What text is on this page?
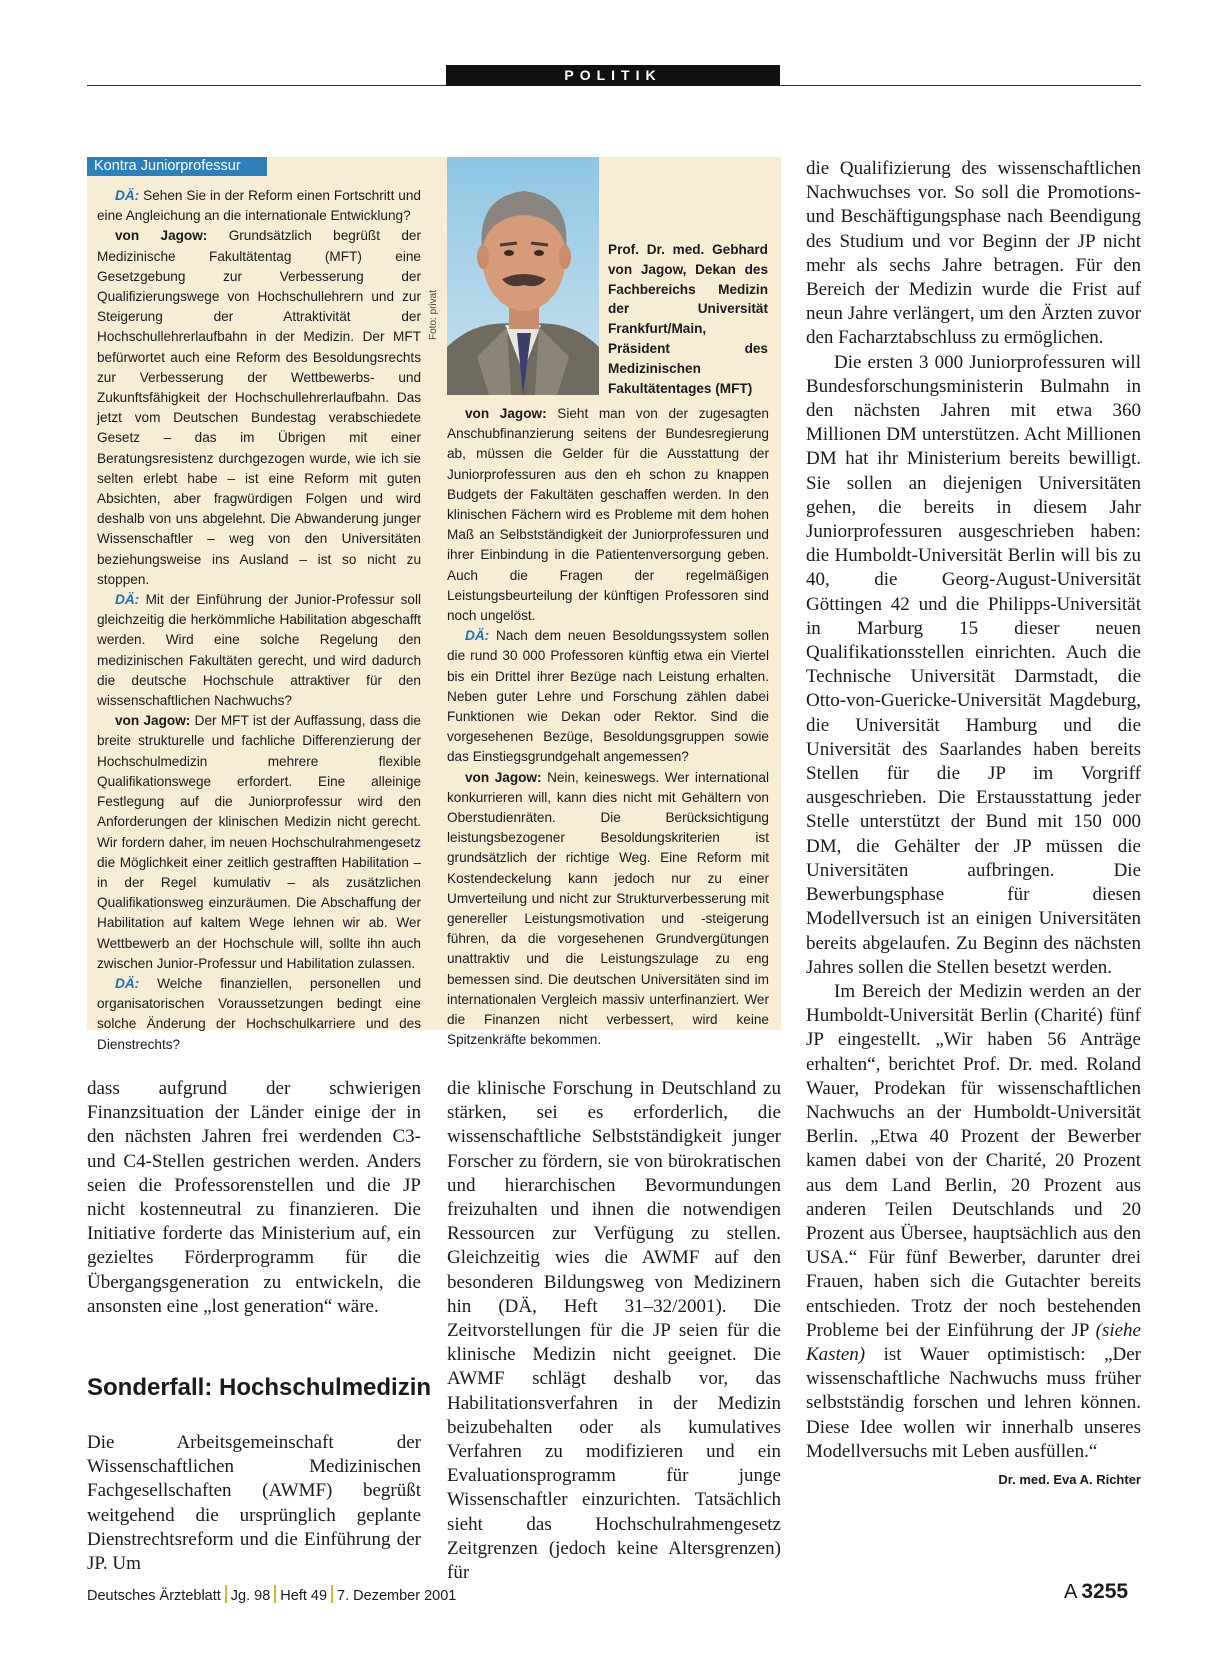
POLITIK
Kontra Juniorprofessur

DÄ: Sehen Sie in der Reform einen Fortschritt und eine Angleichung an die internationale Entwicklung?

von Jagow: Grundsätzlich begrüßt der Medizinische Fakultätentag (MFT) eine Gesetzgebung zur Verbesserung der Qualifizierungswege von Hochschullehrern und zur Steigerung der Attraktivität der Hochschullehrerlaufbahn in der Medizin. Der MFT befürwortet auch eine Reform des Besoldungsrechts zur Verbesserung der Wettbewerbs- und Zukunftsfähigkeit der Hochschullehrerlaufbahn. Das jetzt vom Deutschen Bundestag verabschiedete Gesetz – das im Übrigen mit einer Beratungsresistenz durchgezogen wurde, wie ich sie selten erlebt habe – ist eine Reform mit guten Absichten, aber fragwürdigen Folgen und wird deshalb von uns abgelehnt. Die Abwanderung junger Wissenschaftler – weg von den Universitäten beziehungsweise ins Ausland – ist so nicht zu stoppen.

DÄ: Mit der Einführung der Junior-Professur soll gleichzeitig die herkömmliche Habilitation abgeschafft werden. Wird eine solche Regelung den medizinischen Fakultäten gerecht, und wird dadurch die deutsche Hochschule attraktiver für den wissenschaftlichen Nachwuchs?

von Jagow: Der MFT ist der Auffassung, dass die breite strukturelle und fachliche Differenzierung der Hochschulmedizin mehrere flexible Qualifikationswege erfordert. Eine alleinige Festlegung auf die Juniorprofessur wird den Anforderungen der klinischen Medizin nicht gerecht. Wir fordern daher, im neuen Hochschulrahmengesetz die Möglichkeit einer zeitlich gestrafften Habilitation – in der Regel kumulativ – als zusätzlichen Qualifikationsweg einzuräumen. Die Abschaffung der Habilitation auf kaltem Wege lehnen wir ab. Wer Wettbewerb an der Hochschule will, sollte ihn auch zwischen Junior-Professur und Habilitation zulassen.

DÄ: Welche finanziellen, personellen und organisatorischen Voraussetzungen bedingt eine solche Änderung der Hochschulkarriere und des Dienstrechts?

Foto: privat
Prof. Dr. med. Gebhard von Jagow, Dekan des Fachbereichs Medizin der Universität Frankfurt/Main, Präsident des Medizinischen Fakultätentages (MFT)

von Jagow: Sieht man von der zugesagten Anschubfinanzierung seitens der Bundesregierung ab, müssen die Gelder für die Ausstattung der Juniorprofessuren aus den eh schon zu knappen Budgets der Fakultäten geschaffen werden. In den klinischen Fächern wird es Probleme mit dem hohen Maß an Selbstständigkeit der Juniorprofessuren und ihrer Einbindung in die Patientenversorgung geben. Auch die Fragen der regelmäßigen Leistungsbeurteilung der künftigen Professoren sind noch ungelöst.

DÄ: Nach dem neuen Besoldungssystem sollen die rund 30 000 Professoren künftig etwa ein Viertel bis ein Drittel ihrer Bezüge nach Leistung erhalten. Neben guter Lehre und Forschung zählen dabei Funktionen wie Dekan oder Rektor. Sind die vorgesehenen Bezüge, Besoldungsgruppen sowie das Einstiegsgrundgehalt angemessen?

von Jagow: Nein, keineswegs. Wer international konkurrieren will, kann dies nicht mit Gehältern von Oberstudienräten. Die Berücksichtigung leistungsbezogener Besoldungskriterien ist grundsätzlich der richtige Weg. Eine Reform mit Kostendeckelung kann jedoch nur zu einer Umverteilung und nicht zur Strukturverbesserung mit genereller Leistungsmotivation und -steigerung führen, da die vorgesehenen Grundvergütungen unattraktiv und die Leistungszulage zu eng bemessen sind. Die deutschen Universitäten sind im internationalen Vergleich massiv unterfinanziert. Wer die Finanzen nicht verbessert, wird keine Spitzenkräfte bekommen.

dass aufgrund der schwierigen Finanzsituation der Länder einige der in den nächsten Jahren frei werdenden C3- und C4-Stellen gestrichen werden. Anders seien die Professorenstellen und die JP nicht kostenneutral zu finanzieren. Die Initiative forderte das Ministerium auf, ein gezieltes Förderprogramm für die Übergangsgeneration zu entwickeln, die ansonsten eine „lost generation“ wäre.

Sonderfall: Hochschulmedizin

Die Arbeitsgemeinschaft der Wissenschaftlichen Medizinischen Fachgesellschaften (AWMF) begrüßt weitgehend die ursprünglich geplante Dienstrechtsreform und die Einführung der JP. Um

die klinische Forschung in Deutschland zu stärken, sei es erforderlich, die wissenschaftliche Selbstständigkeit junger Forscher zu fördern, sie von bürokratischen und hierarchischen Bevormundungen freizuhalten und ihnen die notwendigen Ressourcen zur Verfügung zu stellen. Gleichzeitig wies die AWMF auf den besonderen Bildungsweg von Medizinern hin (DÄ, Heft 31–32/2001). Die Zeitvorstellungen für die JP seien für die klinische Medizin nicht geeignet. Die AWMF schlägt deshalb vor, das Habilitationsverfahren in der Medizin beizubehalten oder als kumulatives Verfahren zu modifizieren und ein Evaluationsprogramm für junge Wissenschaftler einzurichten. Tatsächlich sieht das Hochschulrahmengesetz Zeitgrenzen (jedoch keine Altersgrenzen) für

die Qualifizierung des wissenschaftlichen Nachwuchses vor. So soll die Promotions- und Beschäftigungsphase nach Beendigung des Studium und vor Beginn der JP nicht mehr als sechs Jahre betragen. Für den Bereich der Medizin wurde die Frist auf neun Jahre verlängert, um den Ärzten zuvor den Facharztabschluss zu ermöglichen.

Die ersten 3 000 Juniorprofessuren will Bundesforschungsministerin Bulmahn in den nächsten Jahren mit etwa 360 Millionen DM unterstützen. Acht Millionen DM hat ihr Ministerium bereits bewilligt. Sie sollen an diejenigen Universitäten gehen, die bereits in diesem Jahr Juniorprofessuren ausgeschrieben haben: die Humboldt-Universität Berlin will bis zu 40, die Georg-August-Universität Göttingen 42 und die Philipps-Universität in Marburg 15 dieser neuen Qualifikationsstellen einrichten. Auch die Technische Universität Darmstadt, die Otto-von-Guericke-Universität Magdeburg, die Universität Hamburg und die Universität des Saarlandes haben bereits Stellen für die JP im Vorgriff ausgeschrieben. Die Erstausstattung jeder Stelle unterstützt der Bund mit 150 000 DM, die Gehälter der JP müssen die Universitäten aufbringen. Die Bewerbungsphase für diesen Modellversuch ist an einigen Universitäten bereits abgelaufen. Zu Beginn des nächsten Jahres sollen die Stellen besetzt werden.

Im Bereich der Medizin werden an der Humboldt-Universität Berlin (Charité) fünf JP eingestellt. „Wir haben 56 Anträge erhalten“, berichtet Prof. Dr. med. Roland Wauer, Prodekan für wissenschaftlichen Nachwuchs an der Humboldt-Universität Berlin. „Etwa 40 Prozent der Bewerber kamen dabei von der Charité, 20 Prozent aus dem Land Berlin, 20 Prozent aus anderen Teilen Deutschlands und 20 Prozent aus Übersee, hauptsächlich aus den USA.“ Für fünf Bewerber, darunter drei Frauen, haben sich die Gutachter bereits entschieden. Trotz der noch bestehenden Probleme bei der Einführung der JP (siehe Kasten) ist Wauer optimistisch: „Der wissenschaftliche Nachwuchs muss früher selbstständig forschen und lehren können. Diese Idee wollen wir innerhalb unseres Modellversuchs mit Leben ausfüllen.“
Dr. med. Eva A. Richter

Deutsches Ärzteblatt Jg. 98 Heft 49 7. Dezember 2001	A 3255
